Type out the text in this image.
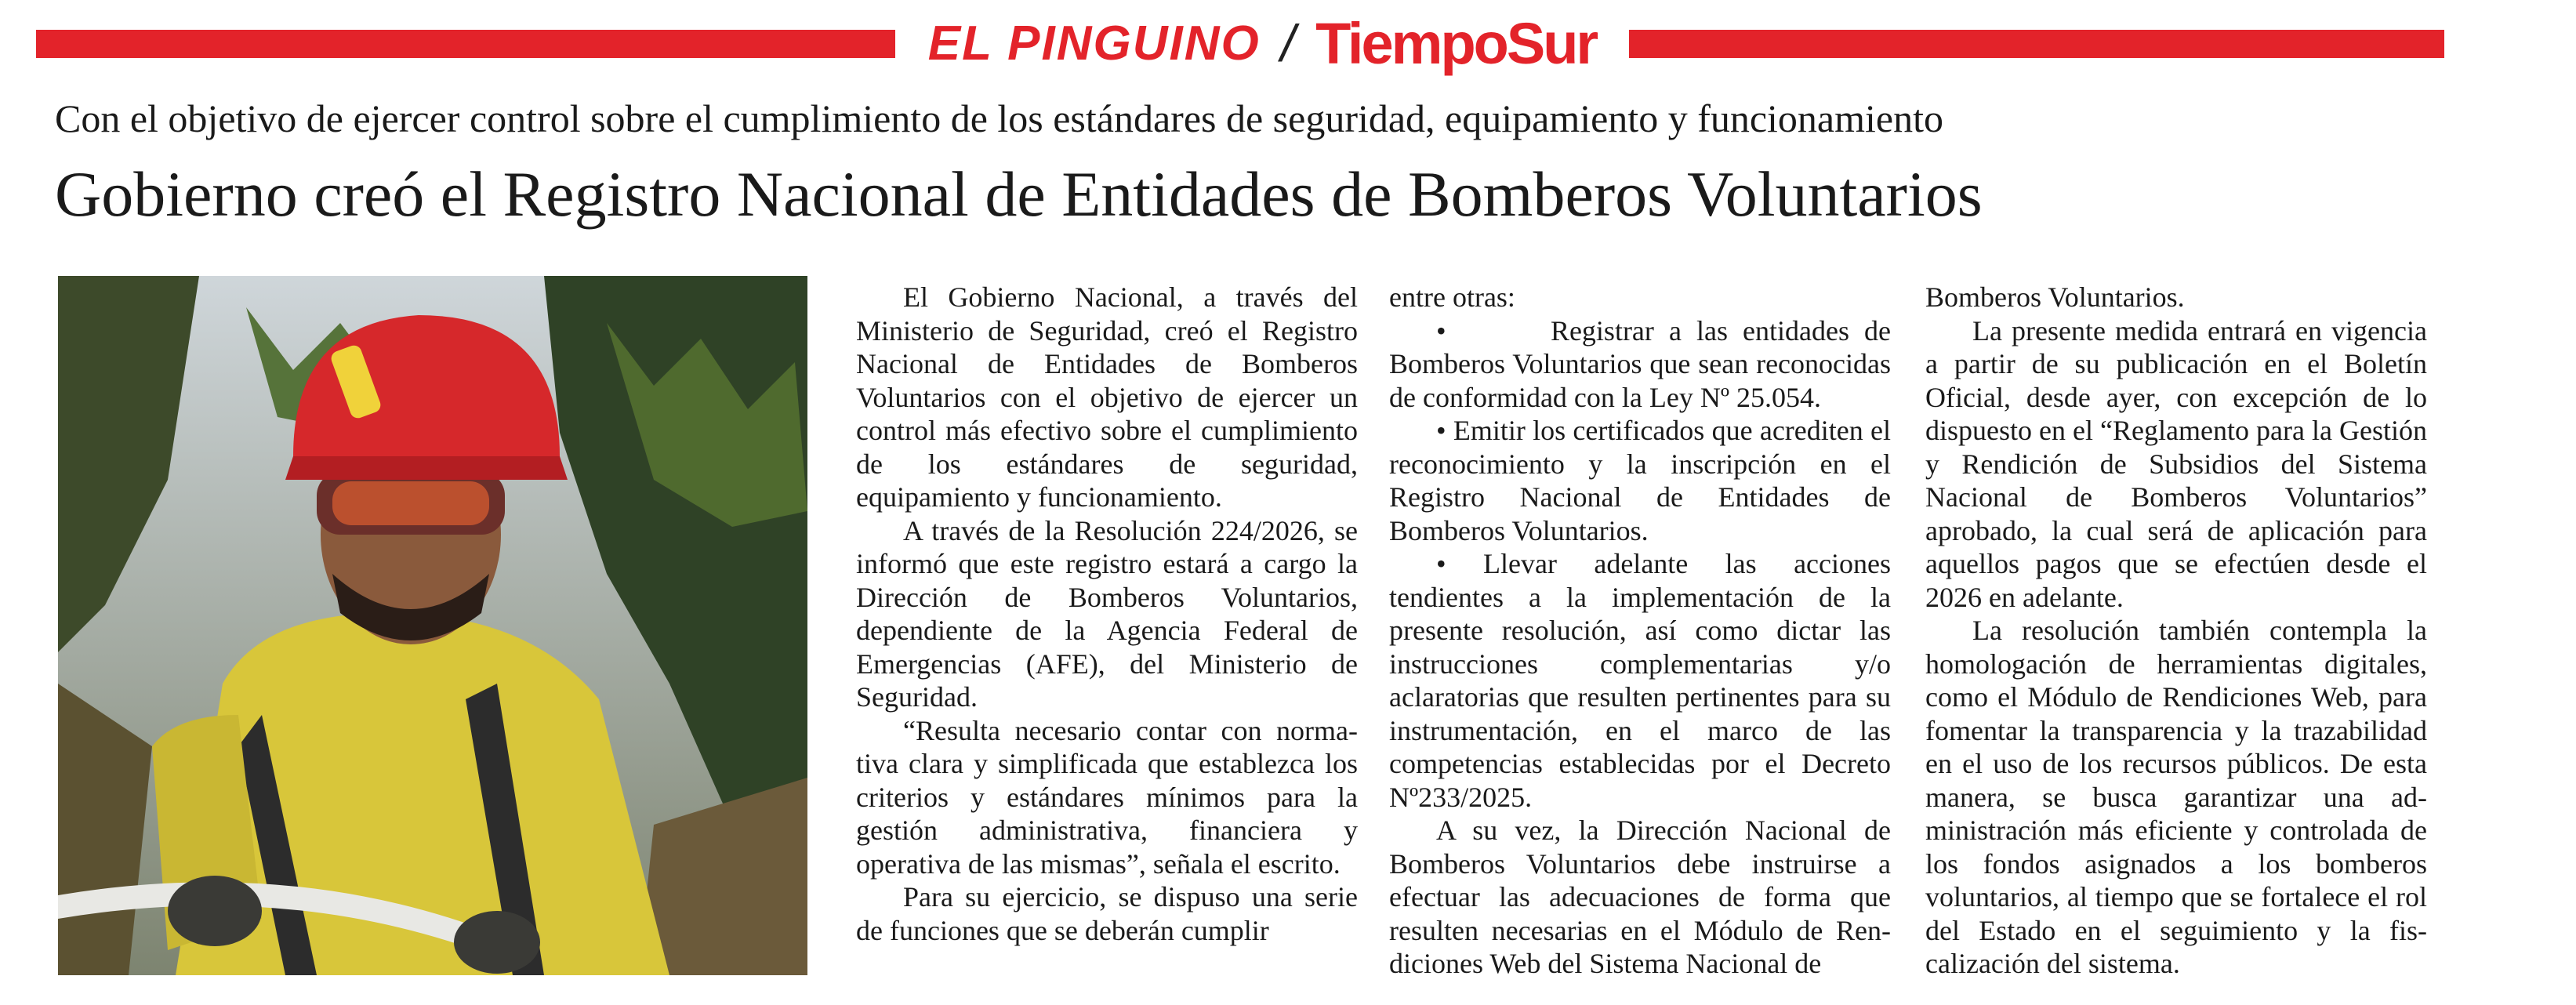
EL PINGUINO / TiempoSur
Con el objetivo de ejercer control sobre el cumplimiento de los estándares de seguridad, equipamiento y funcionamiento
Gobierno creó el Registro Nacional de Entidades de Bomberos Voluntarios

El Gobierno Nacional, a través del Ministerio de Seguridad, creó el Registro Nacional de Entidades de Bomberos Voluntarios con el objetivo de ejercer un control más efectivo sobre el cumplimiento de los estándares de seguridad, equipamiento y funcionamiento.

A través de la Resolución 224/2026, se informó que este registro estará a cargo la Dirección de Bomberos Voluntarios, dependiente de la Agencia Federal de Emergencias (AFE), del Ministerio de Seguridad.

“Resulta necesario contar con normativa clara y simplificada que establezca los criterios y estándares mínimos para la gestión administrativa, financiera y operativa de las mismas”, señala el escrito.

Para su ejercicio, se dispuso una serie de funciones que se deberán cumplir

entre otras:

•       Registrar a las entidades de Bomberos Voluntarios que sean reconocidas de conformidad con la Ley Nº 25.054.

• Emitir los certificados que acrediten el reconocimiento y la inscripción en el Registro Nacional de Entidades de Bomberos Voluntarios.

• Llevar adelante las acciones tendientes a la implementación de la presente resolución, así como dictar las instrucciones complementarias y/o aclaratorias que resulten pertinentes para su instrumentación, en el marco de las competencias establecidas por el Decreto Nº233/2025.

A su vez, la Dirección Nacional de Bomberos Voluntarios debe instruirse a efectuar las adecuaciones de forma que resulten necesarias en el Módulo de Rendiciones Web del Sistema Nacional de

Bomberos Voluntarios.

La presente medida entrará en vigencia a partir de su publicación en el Boletín Oficial, desde ayer, con excepción de lo dispuesto en el “Reglamento para la Gestión y Rendición de Subsidios del Sistema Nacional de Bomberos Voluntarios” aprobado, la cual será de aplicación para aquellos pagos que se efectúen desde el 2026 en adelante.

La resolución también contempla la homologación de herramientas digitales, como el Módulo de Rendiciones Web, para fomentar la transparencia y la trazabilidad en el uso de los recursos públicos. De esta manera, se busca garantizar una administración más eficiente y controlada de los fondos asignados a los bomberos voluntarios, al tiempo que se fortalece el rol del Estado en el seguimiento y la fiscalización del sistema.
